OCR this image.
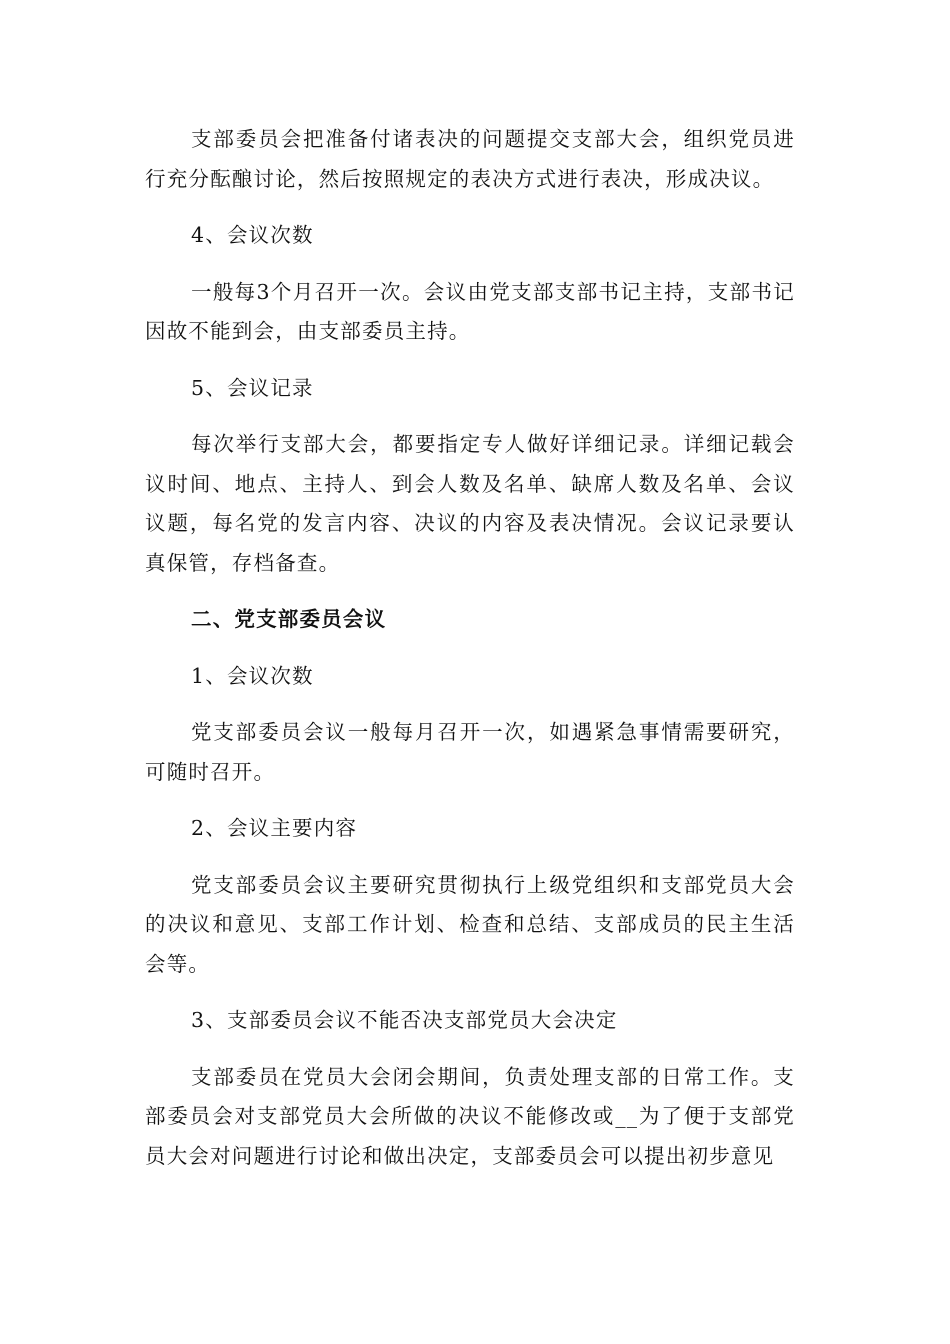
支部委员会把准备付诸表决的问题提交支部大会，组织党员进行充分酝酿讨论，然后按照规定的表决方式进行表决，形成决议。

4、会议次数

一般每3个月召开一次。会议由党支部支部书记主持，支部书记因故不能到会，由支部委员主持。

5、会议记录

每次举行支部大会，都要指定专人做好详细记录。详细记载会议时间、地点、主持人、到会人数及名单、缺席人数及名单、会议议题，每名党的发言内容、决议的内容及表决情况。会议记录要认真保管，存档备查。

二、党支部委员会议

1、会议次数

党支部委员会议一般每月召开一次，如遇紧急事情需要研究，可随时召开。

2、会议主要内容

党支部委员会议主要研究贯彻执行上级党组织和支部党员大会的决议和意见、支部工作计划、检查和总结、支部成员的民主生活会等。

3、支部委员会议不能否决支部党员大会决定

支部委员在党员大会闭会期间，负责处理支部的日常工作。支部委员会对支部党员大会所做的决议不能修改或__为了便于支部党员大会对问题进行讨论和做出决定，支部委员会可以提出初步意见
